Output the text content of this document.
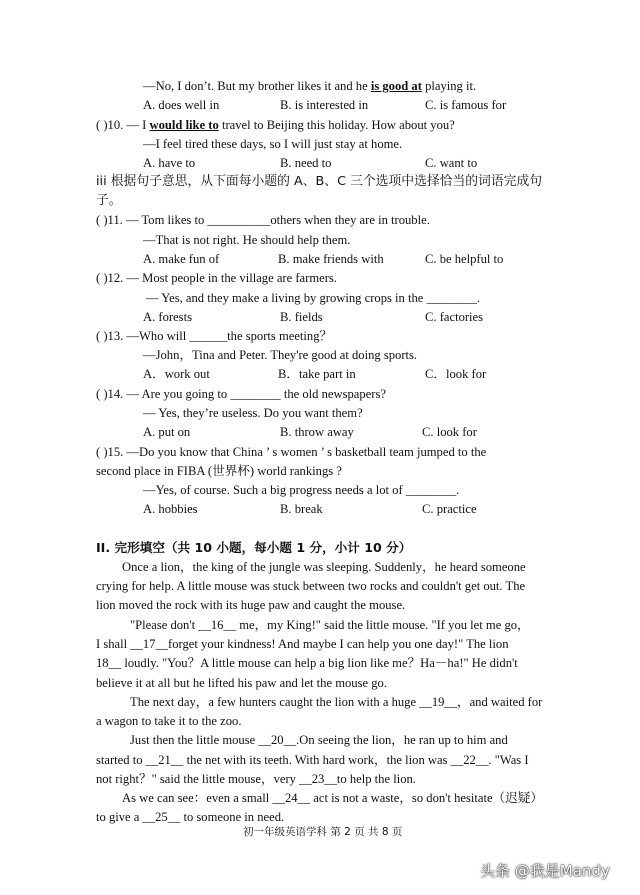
—No, I don’t. But my brother likes it and he is good at playing it.
A. does well in	B. is interested in	C. is famous for
( )10. — I would like to travel to Beijing this holiday. How about you?
—I feel tired these days, so I will just stay at home.
A. have to	B. need to	C. want to
iii 根据句子意思，从下面每小题的 A、B、C 三个选项中选择恰当的词语完成句
子。
( )11. — Tom likes to __________others when they are in trouble.
—That is not right. He should help them.
A. make fun of	B. make friends with	C. be helpful to
( )12. — Most people in the village are farmers.
— Yes, and they make a living by growing crops in the ________.
A. forests	B. fields	C. factories
( )13. —Who will ______the sports meeting？
—John，Tina and Peter. They're good at doing sports.
A．work out	B．take part in	C．look for
( )14. — Are you going to ________ the old newspapers?
— Yes, they’re useless. Do you want them?
A. put on	B. throw away	C. look for
( )15. —Do you know that China ’ s women ’ s basketball team jumped to the
second place in FIBA (世界杯) world rankings ?
—Yes, of course. Such a big progress needs a lot of ________.
A. hobbies	B. break	C. practice
II. 完形填空（共 10 小题，每小题 1 分，小计 10 分）
Once a lion，the king of the jungle was sleeping. Suddenly，he heard someone
crying for help. A little mouse was stuck between two rocks and couldn't get out. The
lion moved the rock with its huge paw and caught the mouse.
"Please don't __16__ me，my King!" said the little mouse. "If you let me go，
I shall __17__forget your kindness! And maybe I can help you one day!" The lion
18__ loudly. "You？A little mouse can help a big lion like me？Ha－ha!" He didn't
believe it at all but he lifted his paw and let the mouse go.
The next day，a few hunters caught the lion with a huge __19__，and waited for
a wagon to take it to the zoo.
Just then the little mouse __20__.On seeing the lion，he ran up to him and
started to __21__ the net with its teeth. With hard work，the lion was __22__. "Was I
not right？" said the little mouse，very __23__to help the lion.
As we can see：even a small __24__ act is not a waste，so don't hesitate（迟疑）
to give a __25__ to someone in need.
初一年级英语学科 第 2 页 共 8 页
头条 @我是Mandy
